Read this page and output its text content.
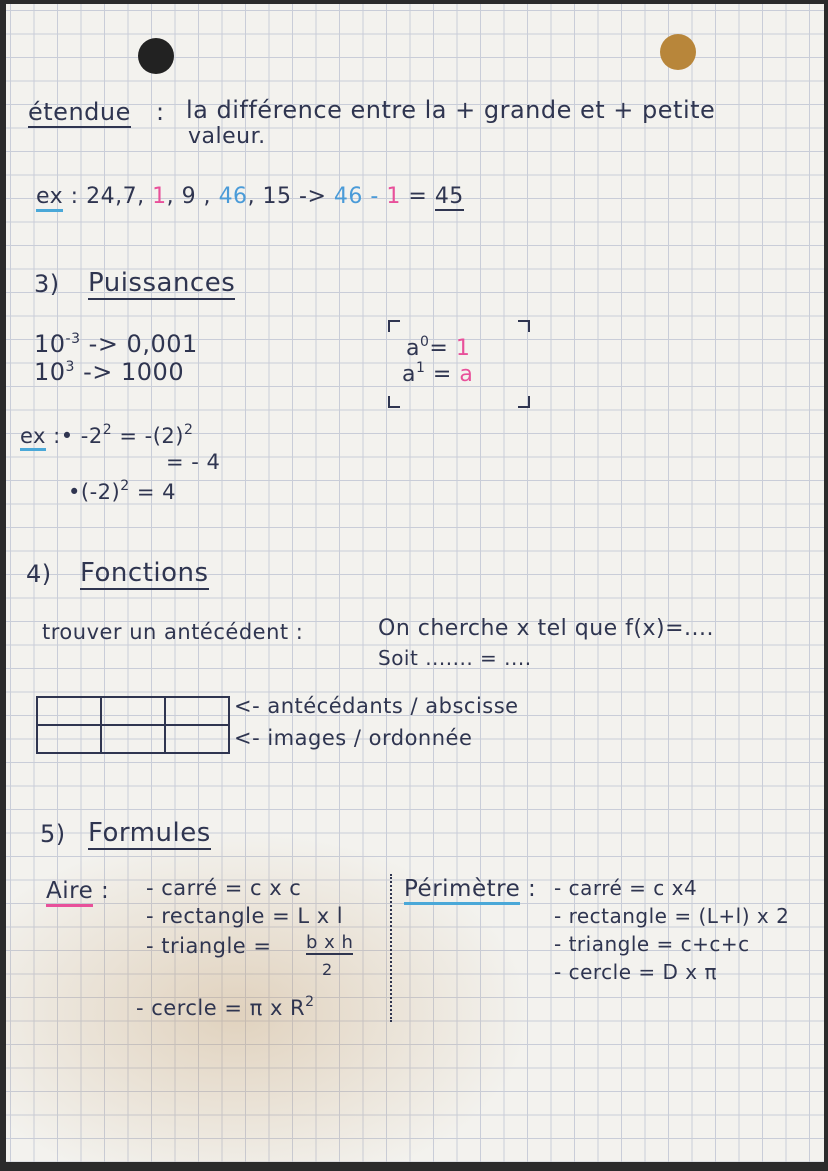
étendue : la différence entre la + grande et + petite
valeur.
ex : 24,7, 1, 9 , 46, 15 -> 46 - 1 = 45
3) Puissances
$10^{-3} -> 0,001$
$10^3 -> 1000$
$a^0= 1$
$a^1 = a$
ex :• $-2^2 = -(2)^2$
= - 4
$•(-2)^2 = 4$
4) Fonctions
trouver un antécédent :	On cherche x tel que f(x)=....
Soit ....... = ....

<- antécédants / abscisse
<- images / ordonnée
5) Formules
Aire : - carré = c x c
- rectangle = L x l
- triangle = b x h
2
- cercle = π x $R^2$
Périmètre : - carré = c x4
- rectangle = (L+l) x 2
- triangle = c+c+c
- cercle = D x π
